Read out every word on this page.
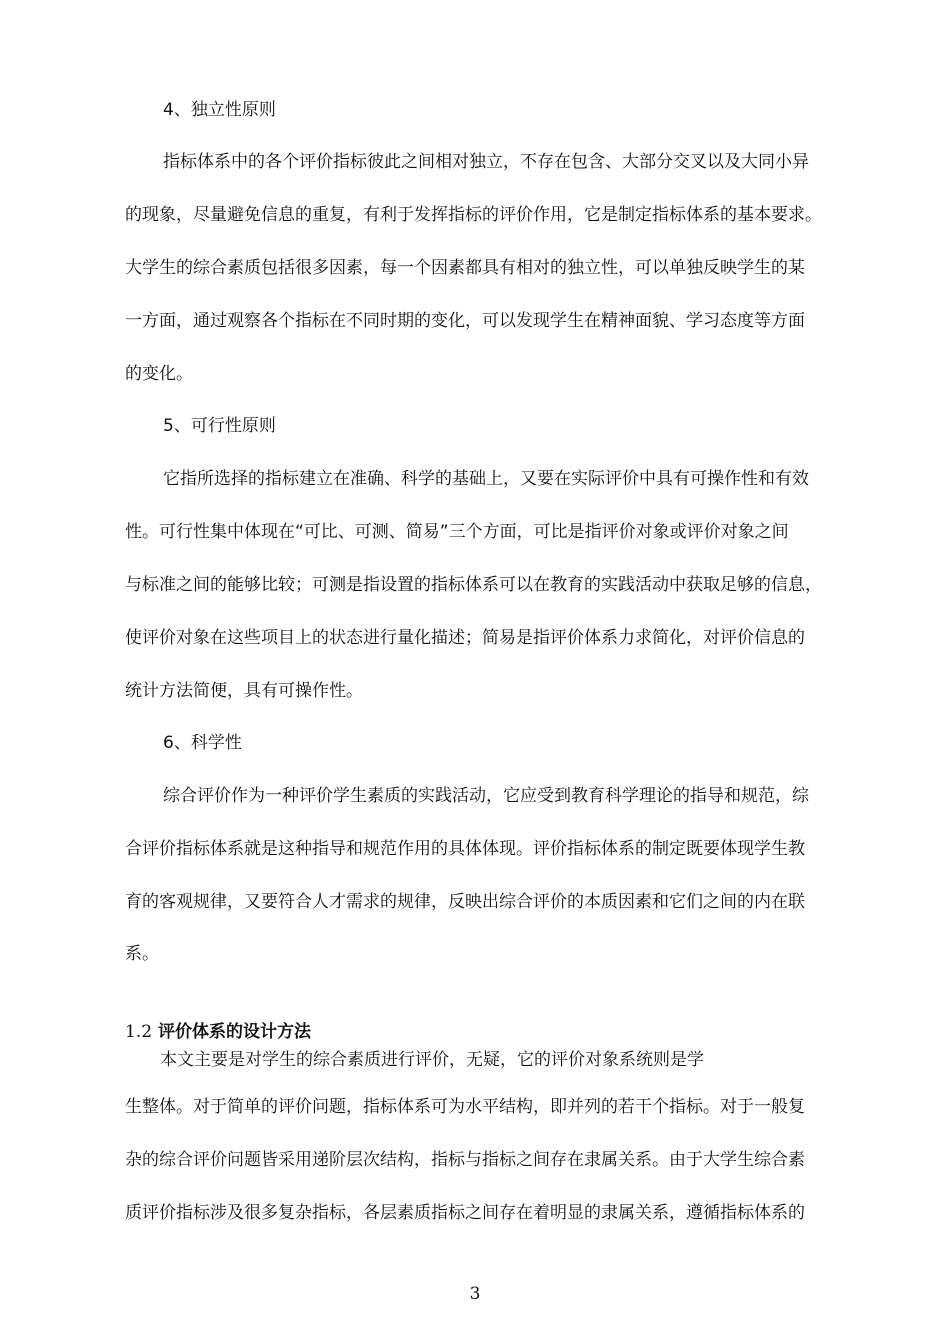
4、独立性原则

指标体系中的各个评价指标彼此之间相对独立，不存在包含、大部分交叉以及大同小异

的现象，尽量避免信息的重复，有利于发挥指标的评价作用，它是制定指标体系的基本要求。

大学生的综合素质包括很多因素，每一个因素都具有相对的独立性，可以单独反映学生的某

一方面，通过观察各个指标在不同时期的变化，可以发现学生在精神面貌、学习态度等方面

的变化。

5、可行性原则

它指所选择的指标建立在准确、科学的基础上，又要在实际评价中具有可操作性和有效

性。可行性集中体现在“可比、可测、简易”三个方面，可比是指评价对象或评价对象之间

与标准之间的能够比较；可测是指设置的指标体系可以在教育的实践活动中获取足够的信息，

使评价对象在这些项目上的状态进行量化描述；简易是指评价体系力求简化，对评价信息的

统计方法简便，具有可操作性。

6、科学性

综合评价作为一种评价学生素质的实践活动，它应受到教育科学理论的指导和规范，综

合评价指标体系就是这种指导和规范作用的具体体现。评价指标体系的制定既要体现学生教

育的客观规律，又要符合人才需求的规律，反映出综合评价的本质因素和它们之间的内在联

系。

1.2 评价体系的设计方法

本文主要是对学生的综合素质进行评价，无疑，它的评价对象系统则是学

生整体。对于简单的评价问题，指标体系可为水平结构，即并列的若干个指标。对于一般复

杂的综合评价问题皆采用递阶层次结构，指标与指标之间存在隶属关系。由于大学生综合素

质评价指标涉及很多复杂指标，各层素质指标之间存在着明显的隶属关系，遵循指标体系的

3
